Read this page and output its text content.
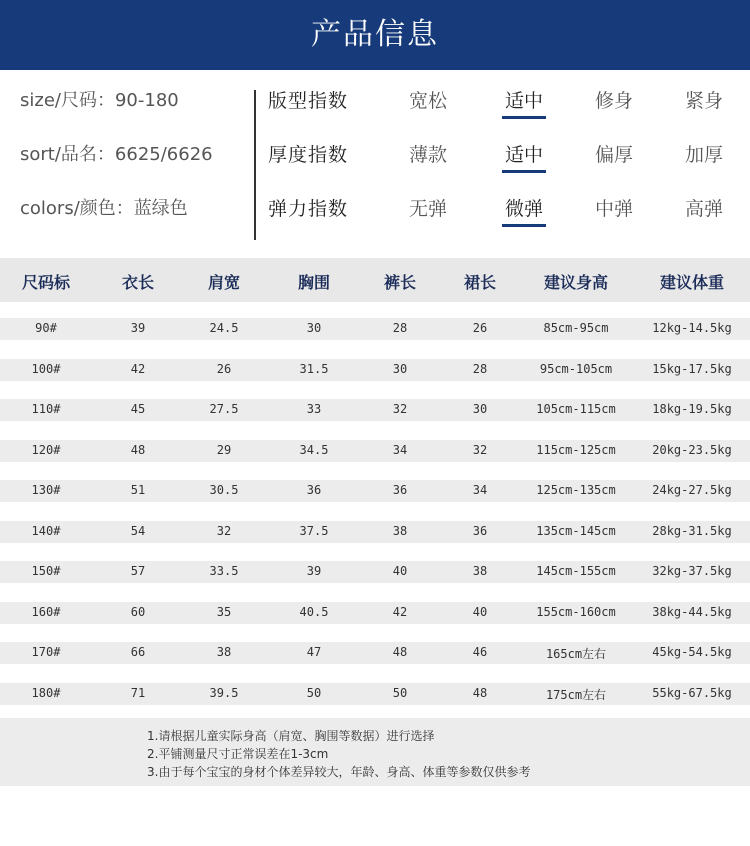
产品信息
size/尺码：90-180
sort/品名：6625/6626
colors/颜色：蓝绿色
版型指数	宽松	适中	修身	紧身
厚度指数	薄款	适中	偏厚	加厚
弹力指数	无弹	微弹	中弹	高弹
尺码标	衣长	肩宽	胸围	裤长	裙长	建议身高	建议体重
90#	39	24.5	30	28	26	85cm-95cm	12kg-14.5kg
100#	42	26	31.5	30	28	95cm-105cm	15kg-17.5kg
110#	45	27.5	33	32	30	105cm-115cm	18kg-19.5kg
120#	48	29	34.5	34	32	115cm-125cm	20kg-23.5kg
130#	51	30.5	36	36	34	125cm-135cm	24kg-27.5kg
140#	54	32	37.5	38	36	135cm-145cm	28kg-31.5kg
150#	57	33.5	39	40	38	145cm-155cm	32kg-37.5kg
160#	60	35	40.5	42	40	155cm-160cm	38kg-44.5kg
170#	66	38	47	48	46	165cm左右	45kg-54.5kg
180#	71	39.5	50	50	48	175cm左右	55kg-67.5kg
1.请根据儿童实际身高（肩宽、胸围等数据）进行选择
2.平铺测量尺寸正常误差在1-3cm
3.由于每个宝宝的身材个体差异较大，年龄、身高、体重等参数仅供参考
